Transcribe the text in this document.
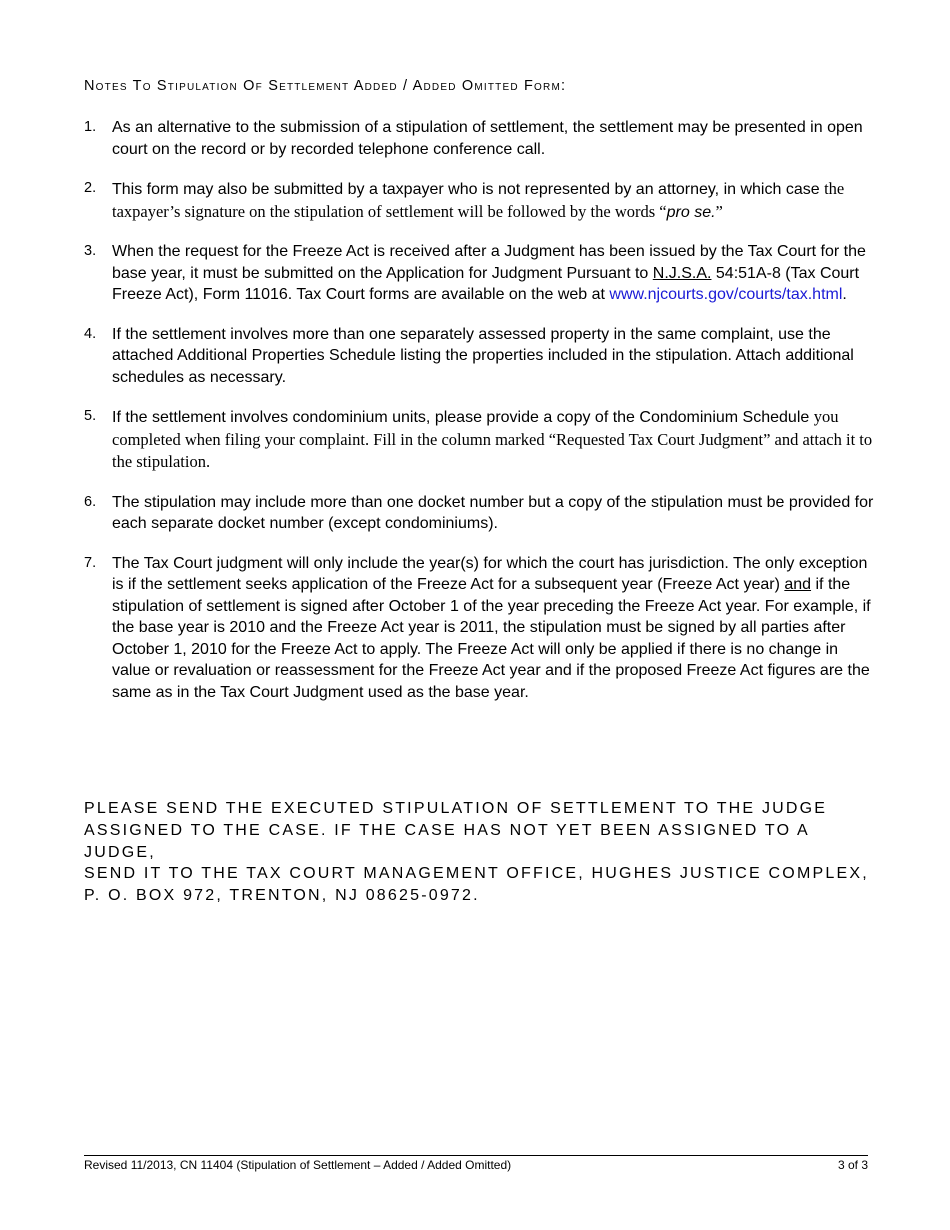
Notes To Stipulation Of Settlement Added / Added Omitted Form:
1. As an alternative to the submission of a stipulation of settlement, the settlement may be presented in open court on the record or by recorded telephone conference call.
2. This form may also be submitted by a taxpayer who is not represented by an attorney, in which case the taxpayer’s signature on the stipulation of settlement will be followed by the words “pro se.”
3. When the request for the Freeze Act is received after a Judgment has been issued by the Tax Court for the base year, it must be submitted on the Application for Judgment Pursuant to N.J.S.A. 54:51A-8 (Tax Court Freeze Act), Form 11016. Tax Court forms are available on the web at www.njcourts.gov/courts/tax.html.
4. If the settlement involves more than one separately assessed property in the same complaint, use the attached Additional Properties Schedule listing the properties included in the stipulation. Attach additional schedules as necessary.
5. If the settlement involves condominium units, please provide a copy of the Condominium Schedule you completed when filing your complaint. Fill in the column marked “Requested Tax Court Judgment” and attach it to the stipulation.
6. The stipulation may include more than one docket number but a copy of the stipulation must be provided for each separate docket number (except condominiums).
7. The Tax Court judgment will only include the year(s) for which the court has jurisdiction. The only exception is if the settlement seeks application of the Freeze Act for a subsequent year (Freeze Act year) and if the stipulation of settlement is signed after October 1 of the year preceding the Freeze Act year. For example, if the base year is 2010 and the Freeze Act year is 2011, the stipulation must be signed by all parties after October 1, 2010 for the Freeze Act to apply. The Freeze Act will only be applied if there is no change in value or revaluation or reassessment for the Freeze Act year and if the proposed Freeze Act figures are the same as in the Tax Court Judgment used as the base year.
PLEASE SEND THE EXECUTED STIPULATION OF SETTLEMENT TO THE JUDGE
ASSIGNED TO THE CASE. IF THE CASE HAS NOT YET BEEN ASSIGNED TO A JUDGE,
SEND IT TO THE TAX COURT MANAGEMENT OFFICE, HUGHES JUSTICE COMPLEX,
P. O. BOX 972, TRENTON, NJ 08625-0972.
Revised 11/2013, CN 11404 (Stipulation of Settlement – Added / Added Omitted)	3 of 3
